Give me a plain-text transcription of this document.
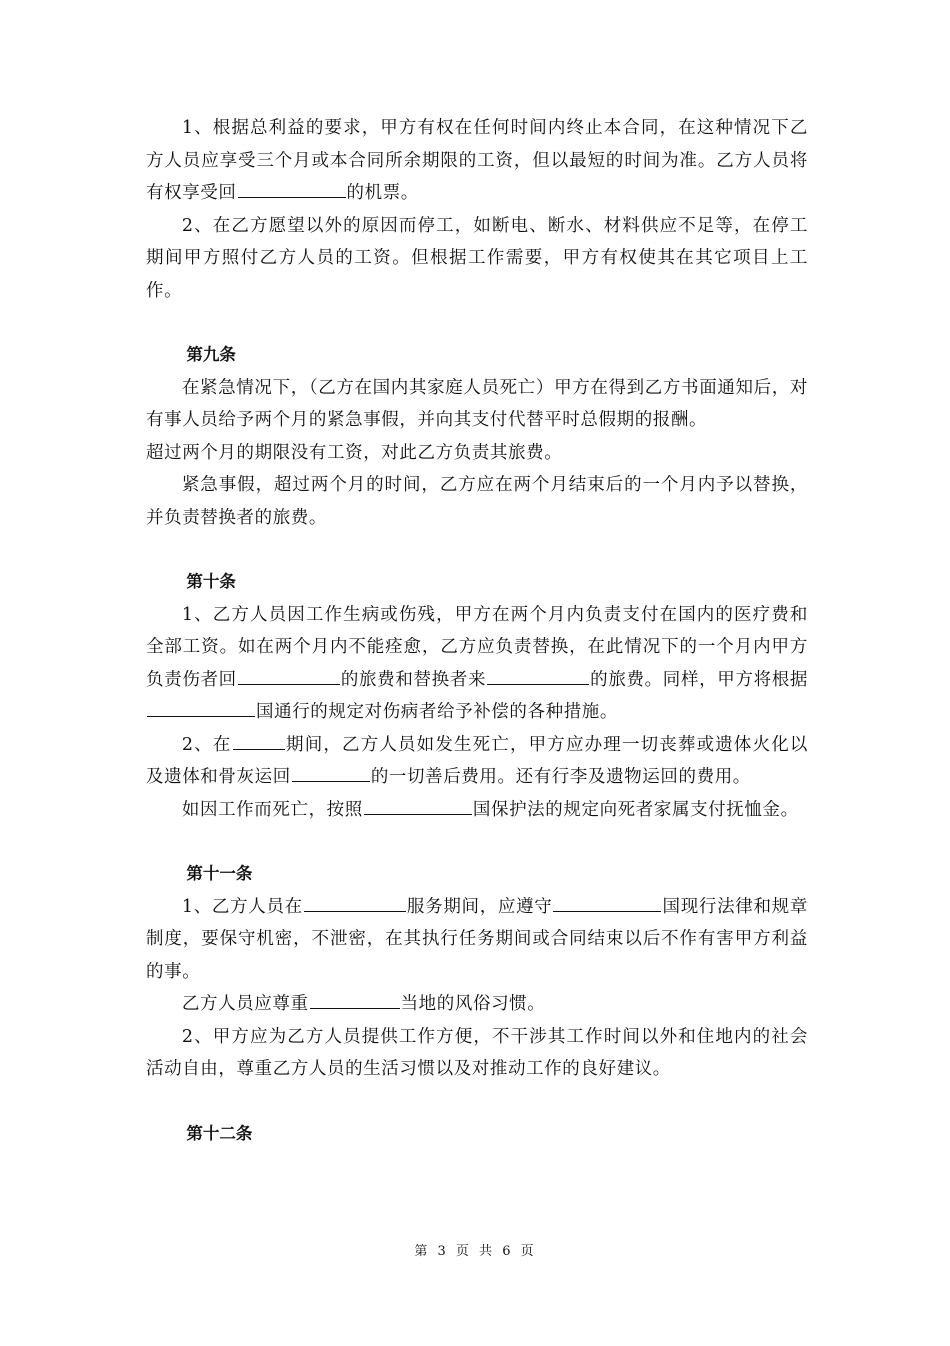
1、根据总利益的要求，甲方有权在任何时间内终止本合同，在这种情况下乙方人员应享受三个月或本合同所余期限的工资，但以最短的时间为准。乙方人员将有权享受回	的机票。

2、在乙方愿望以外的原因而停工，如断电、断水、材料供应不足等，在停工期间甲方照付乙方人员的工资。但根据工作需要，甲方有权使其在其它项目上工作。

第九条

在紧急情况下，（乙方在国内其家庭人员死亡）甲方在得到乙方书面通知后，对有事人员给予两个月的紧急事假，并向其支付代替平时总假期的报酬。

超过两个月的期限没有工资，对此乙方负责其旅费。

紧急事假，超过两个月的时间，乙方应在两个月结束后的一个月内予以替换，并负责替换者的旅费。

第十条

1、乙方人员因工作生病或伤残，甲方在两个月内负责支付在国内的医疗费和全部工资。如在两个月内不能痊愈，乙方应负责替换，在此情况下的一个月内甲方负责伤者回	的旅费和替换者来	的旅费。同样，甲方将根据国通行的规定对伤病者给予补偿的各种措施。

2、在	期间，乙方人员如发生死亡，甲方应办理一切丧葬或遗体火化以及遗体和骨灰运回	的一切善后费用。还有行李及遗物运回的费用。

如因工作而死亡，按照	国保护法的规定向死者家属支付抚恤金。

第十一条

1、乙方人员在	服务期间，应遵守	国现行法律和规章制度，要保守机密，不泄密，在其执行任务期间或合同结束以后不作有害甲方利益的事。

乙方人员应尊重	当地的风俗习惯。

2、甲方应为乙方人员提供工作方便，不干涉其工作时间以外和住地内的社会活动自由，尊重乙方人员的生活习惯以及对推动工作的良好建议。

第十二条
第 3 页 共 6 页
